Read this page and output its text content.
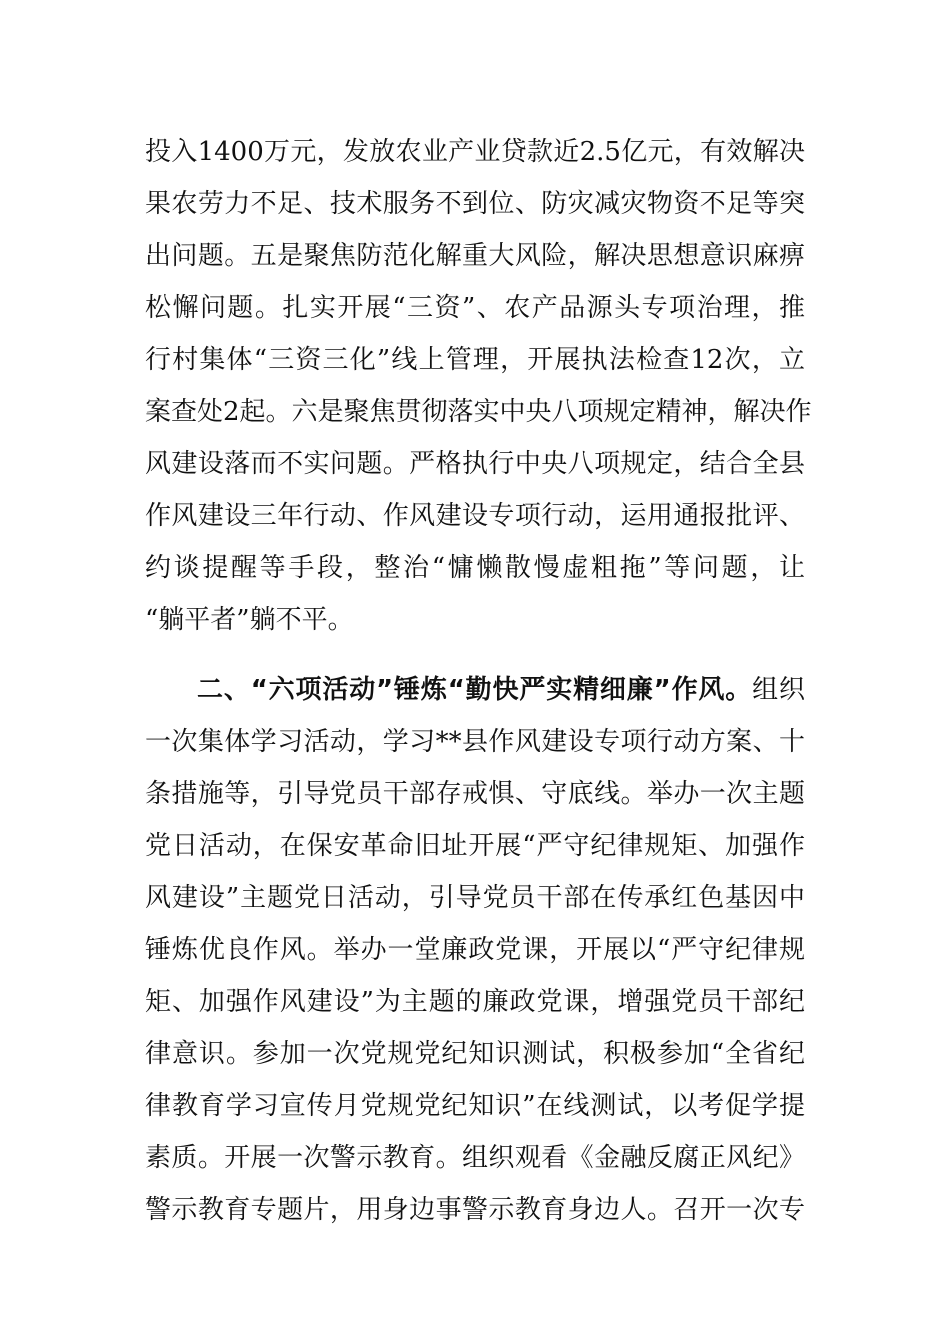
投入1400万元，发放农业产业贷款近2.5亿元，有效解决
果农劳力不足、技术服务不到位、防灾减灾物资不足等突
出问题。五是聚焦防范化解重大风险，解决思想意识麻痹
松懈问题。扎实开展“三资”、农产品源头专项治理，推
行村集体“三资三化”线上管理，开展执法检查12次，立
案查处2起。六是聚焦贯彻落实中央八项规定精神，解决作
风建设落而不实问题。严格执行中央八项规定，结合全县
作风建设三年行动、作风建设专项行动，运用通报批评、
约谈提醒等手段，整治“慵懒散慢虚粗拖”等问题，让
“躺平者”躺不平。
二、“六项活动”锤炼“勤快严实精细廉”作风。组织
一次集体学习活动，学习**县作风建设专项行动方案、十
条措施等，引导党员干部存戒惧、守底线。举办一次主题
党日活动，在保安革命旧址开展“严守纪律规矩、加强作
风建设”主题党日活动，引导党员干部在传承红色基因中
锤炼优良作风。举办一堂廉政党课，开展以“严守纪律规
矩、加强作风建设”为主题的廉政党课，增强党员干部纪
律意识。参加一次党规党纪知识测试，积极参加“全省纪
律教育学习宣传月党规党纪知识”在线测试，以考促学提
素质。开展一次警示教育。组织观看《金融反腐正风纪》
警示教育专题片，用身边事警示教育身边人。召开一次专
